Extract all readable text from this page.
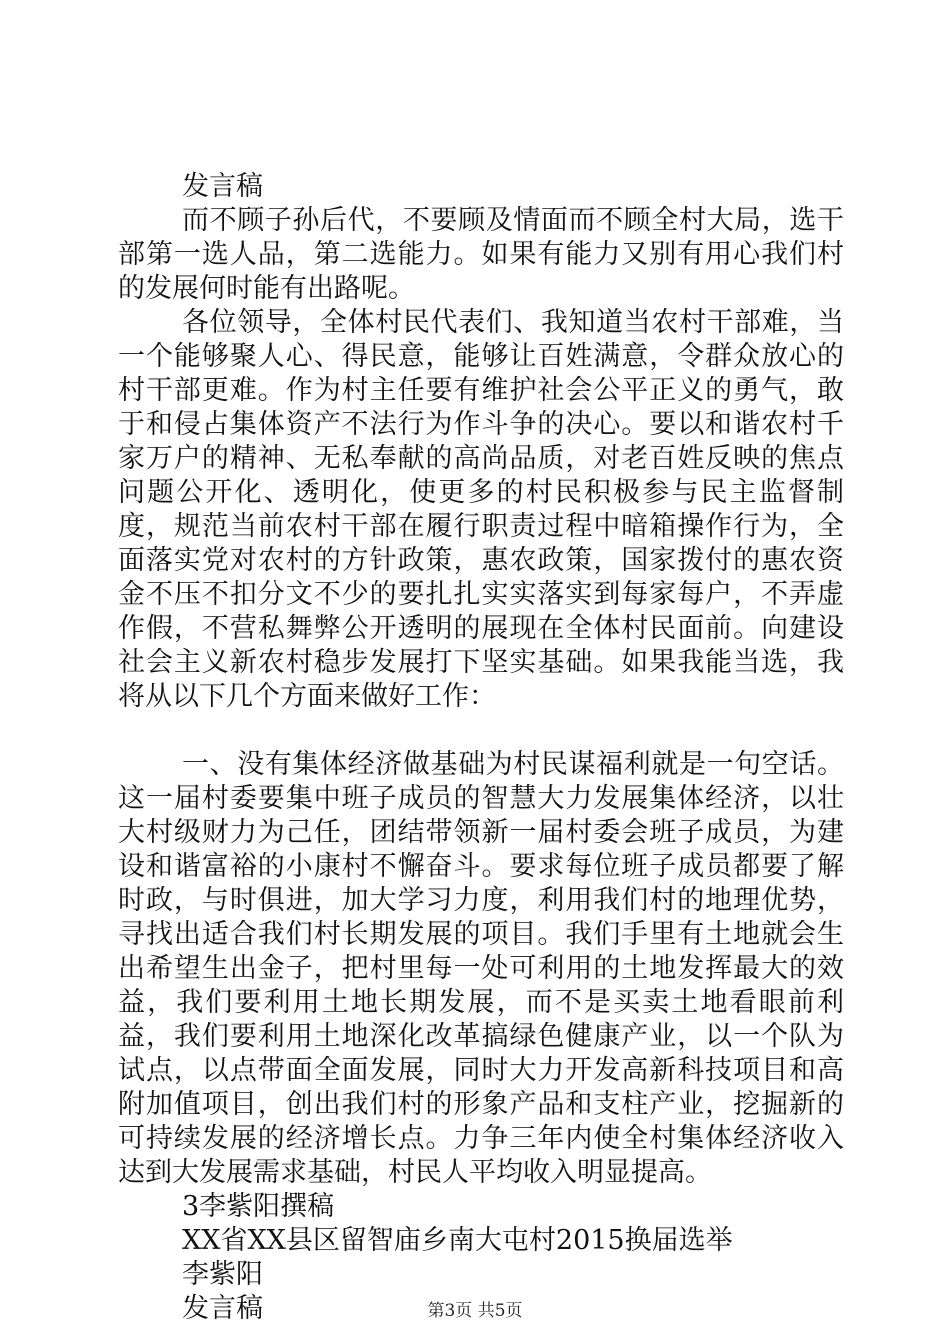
发言稿

而不顾子孙后代，不要顾及情面而不顾全村大局，选干部第一选人品，第二选能力。如果有能力又别有用心我们村的发展何时能有出路呢。

各位领导，全体村民代表们、我知道当农村干部难，当一个能够聚人心、得民意，能够让百姓满意，令群众放心的村干部更难。作为村主任要有维护社会公平正义的勇气，敢于和侵占集体资产不法行为作斗争的决心。要以和谐农村千家万户的精神、无私奉献的高尚品质，对老百姓反映的焦点问题公开化、透明化，使更多的村民积极参与民主监督制度，规范当前农村干部在履行职责过程中暗箱操作行为，全面落实党对农村的方针政策，惠农政策，国家拨付的惠农资金不压不扣分文不少的要扎扎实实落实到每家每户，不弄虚作假，不营私舞弊公开透明的展现在全体村民面前。向建设社会主义新农村稳步发展打下坚实基础。如果我能当选，我将从以下几个方面来做好工作：

一、没有集体经济做基础为村民谋福利就是一句空话。这一届村委要集中班子成员的智慧大力发展集体经济，以壮大村级财力为己任，团结带领新一届村委会班子成员，为建设和谐富裕的小康村不懈奋斗。要求每位班子成员都要了解时政，与时俱进，加大学习力度，利用我们村的地理优势，寻找出适合我们村长期发展的项目。我们手里有土地就会生出希望生出金子，把村里每一处可利用的土地发挥最大的效益，我们要利用土地长期发展，而不是买卖土地看眼前利益，我们要利用土地深化改革搞绿色健康产业，以一个队为试点，以点带面全面发展，同时大力开发高新科技项目和高附加值项目，创出我们村的形象产品和支柱产业，挖掘新的可持续发展的经济增长点。力争三年内使全村集体经济收入达到大发展需求基础，村民人平均收入明显提高。

3李紫阳撰稿
XX省XX县区留智庙乡南大屯村2015换届选举
李紫阳
发言稿	第3页 共5页
